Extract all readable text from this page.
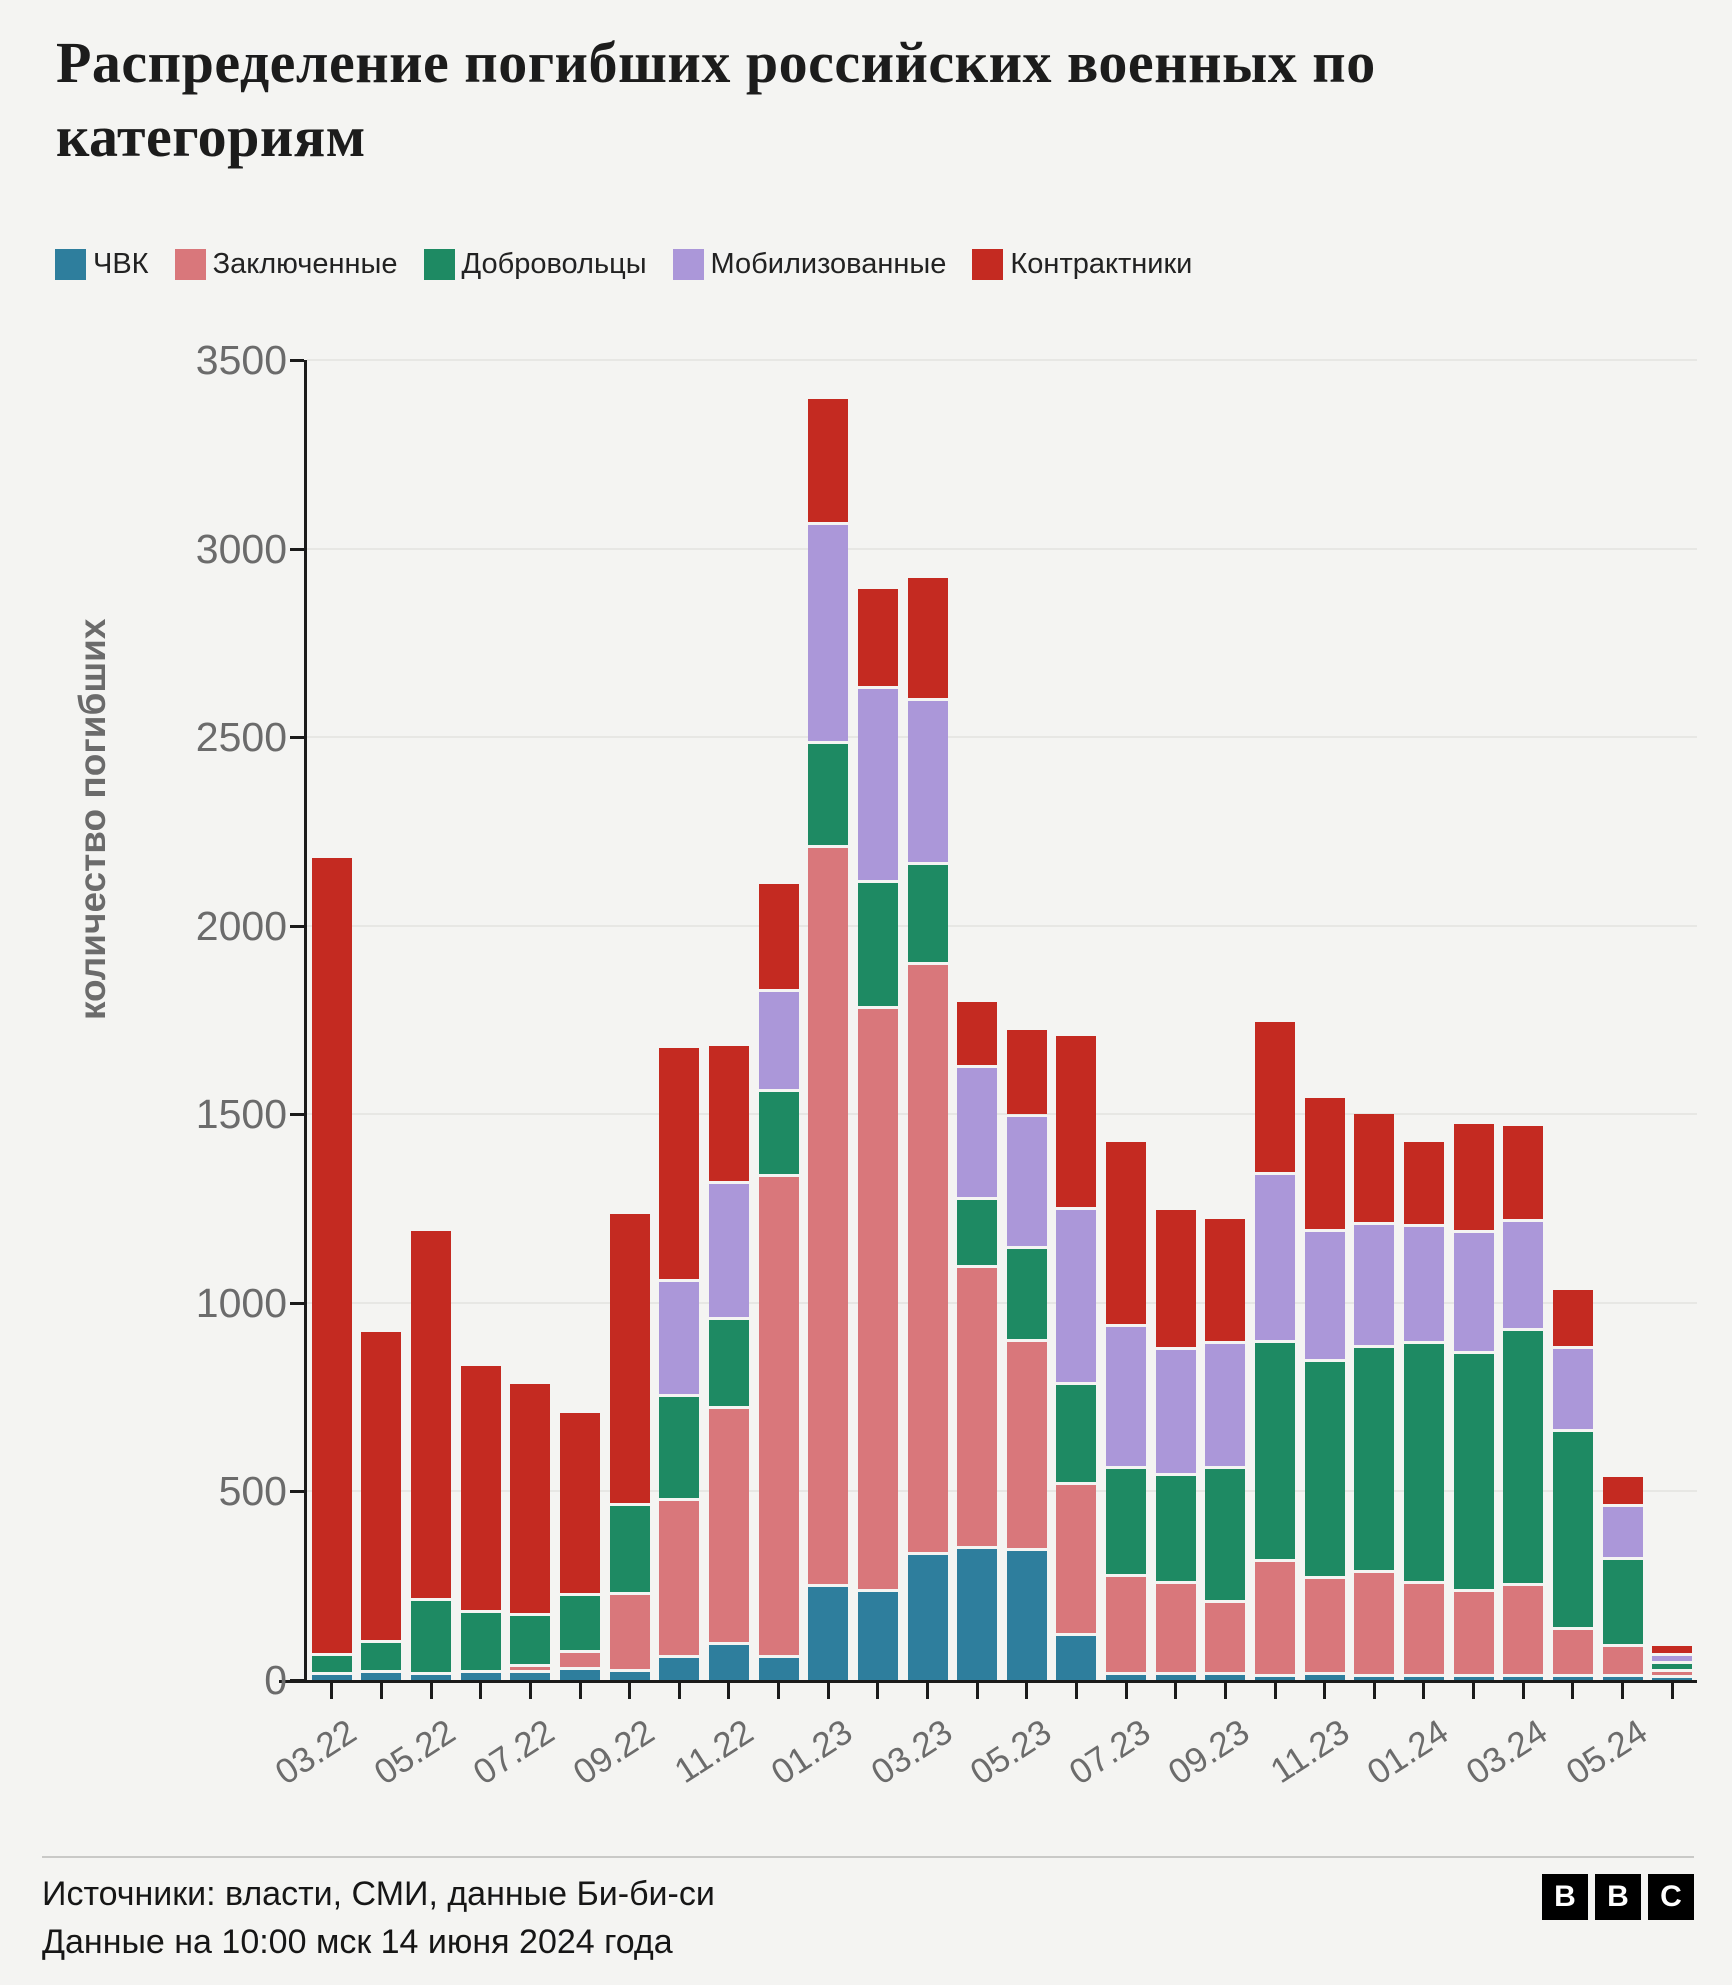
Распределение погибших российских военных по категориям
ЧВК Заключенные Добровольцы Мобилизованные Контрактники
0
500
1000
1500
2000
2500
3000
3500
03.22 05.22 07.22 09.22 11.22 01.23 03.23 05.23 07.23 09.23 11.23 01.24 03.24 05.24
количество погибших
Источники: власти, СМИ, данные Би-би-си
Данные на 10:00 мск 14 июня 2024 года
B	B	C
